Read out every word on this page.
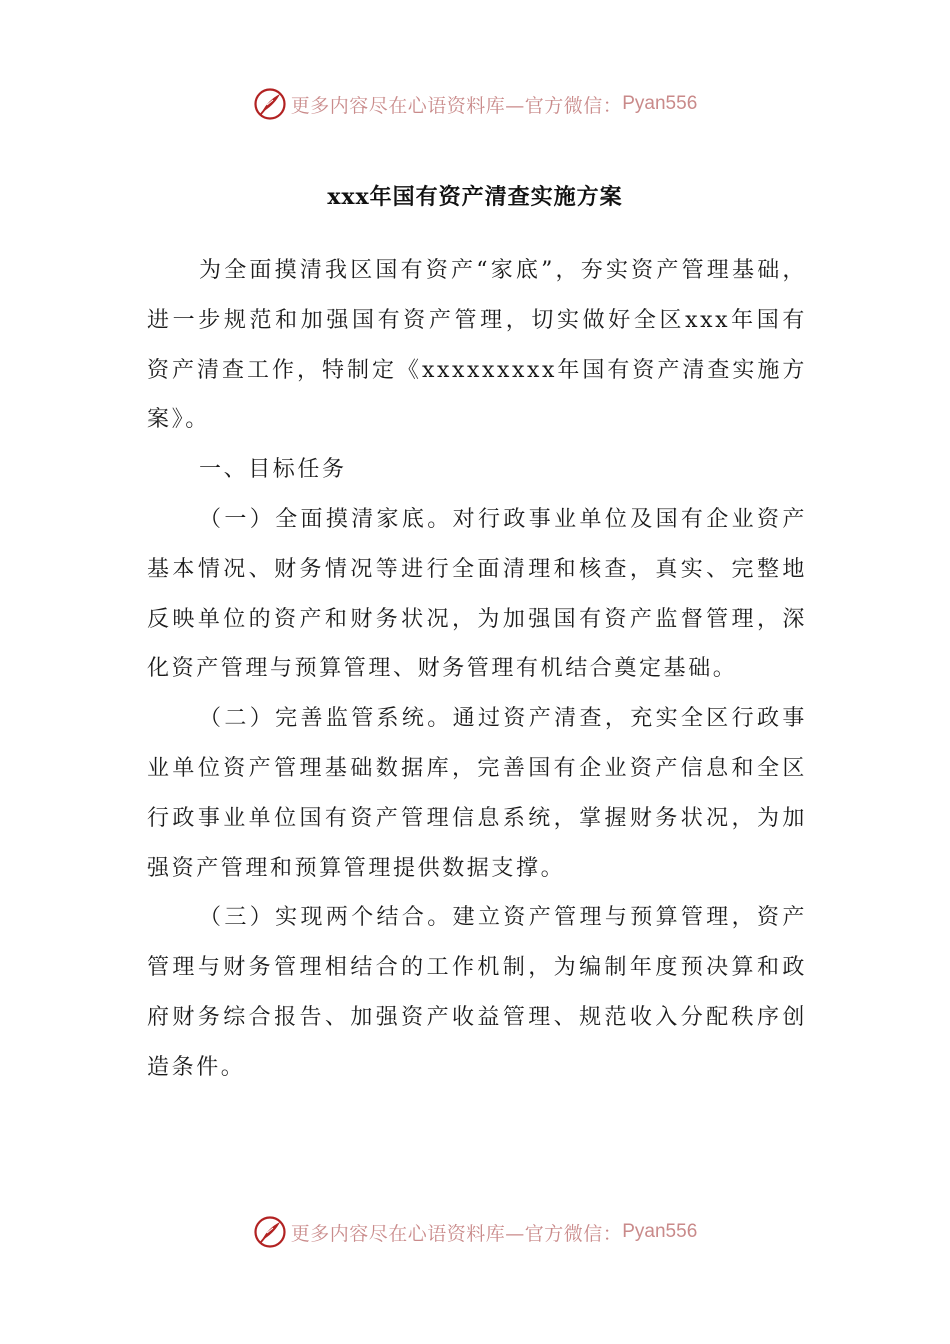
更多内容尽在心语资料库—官方微信： Pyan556
xxx年国有资产清查实施方案

为全面摸清我区国有资产“家底”，夯实资产管理基础，进一步规范和加强国有资产管理，切实做好全区xxx年国有资产清查工作，特制定《xxxxxxxxx年国有资产清查实施方案》。

一、目标任务

（一）全面摸清家底。对行政事业单位及国有企业资产基本情况、财务情况等进行全面清理和核查，真实、完整地反映单位的资产和财务状况，为加强国有资产监督管理，深化资产管理与预算管理、财务管理有机结合奠定基础。

（二）完善监管系统。通过资产清查，充实全区行政事业单位资产管理基础数据库，完善国有企业资产信息和全区行政事业单位国有资产管理信息系统，掌握财务状况，为加强资产管理和预算管理提供数据支撑。

（三）实现两个结合。建立资产管理与预算管理，资产管理与财务管理相结合的工作机制，为编制年度预决算和政府财务综合报告、加强资产收益管理、规范收入分配秩序创造条件。

更多内容尽在心语资料库—官方微信： Pyan556
